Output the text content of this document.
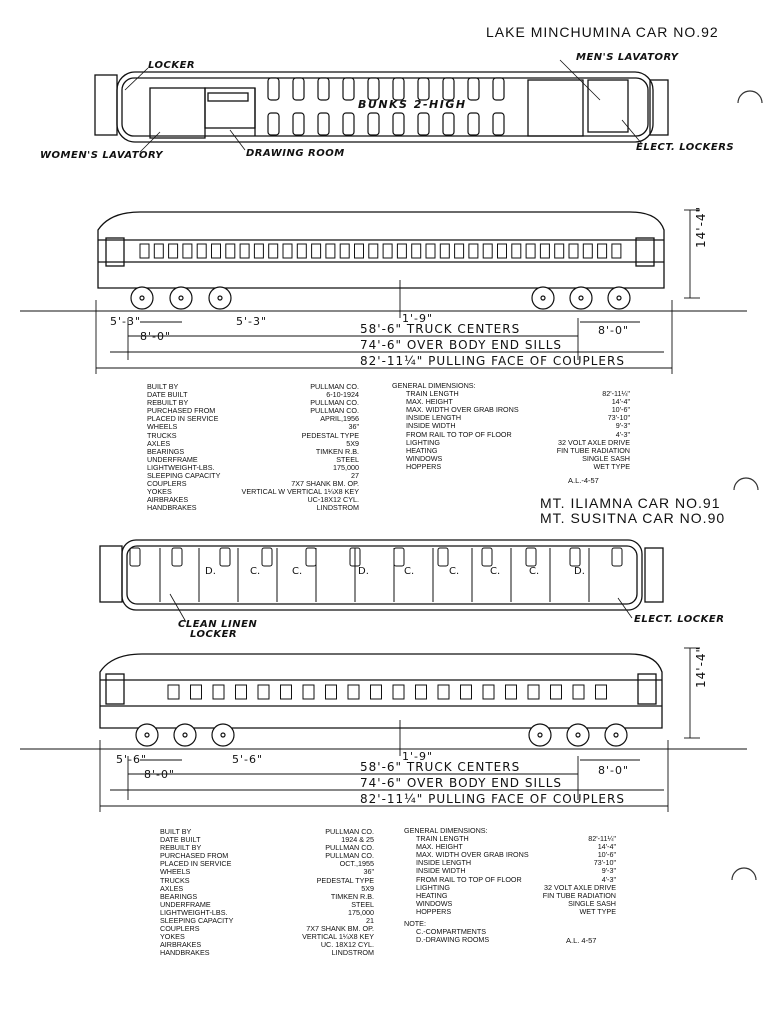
LAKE MINCHUMINA CAR NO.92
LOCKER
MEN'S LAVATORY
BUNKS 2-HIGH
WOMEN'S LAVATORY	DRAWING ROOM
ELECT. LOCKERS
14'-4"
5'-3"	5'-3"
8'-0"	8'-0"
1'-9"
58'-6" TRUCK CENTERS
74'-6" OVER BODY END SILLS
82'-11¼" PULLING FACE OF COUPLERS
BUILT BY	PULLMAN CO.
DATE BUILT	6-10-1924
REBUILT BY	PULLMAN CO.
PURCHASED FROM	PULLMAN CO.
PLACED IN SERVICE	APRIL,1956
WHEELS	36"
TRUCKS	PEDESTAL TYPE
AXLES	5X9
BEARINGS	TIMKEN R.B.
UNDERFRAME	STEEL
LIGHTWEIGHT-LBS.	175,000
SLEEPING CAPACITY	27
COUPLERS	7X7 SHANK BM. OP.
YOKES	VERTICAL W VERTICAL 1¼X8 KEY
AIRBRAKES	UC-18X12 CYL.
HANDBRAKES	LINDSTROM
GENERAL DIMENSIONS:
TRAIN LENGTH	82'-11¼"
MAX. HEIGHT	14'-4"
MAX. WIDTH OVER GRAB IRONS	10'-6"
INSIDE LENGTH	73'-10"
INSIDE WIDTH	9'-3"
FROM RAIL TO TOP OF FLOOR	4'-3"
LIGHTING	32 VOLT AXLE DRIVE
HEATING	FIN TUBE RADIATION
WINDOWS	SINGLE SASH
HOPPERS	WET TYPE
A.L.-4-57
MT. ILIAMNA CAR NO.91
MT. SUSITNA CAR NO.90
CLEAN LINEN
LOCKER
ELECT. LOCKER
D.	C.	C.	D.	C.	C.	C.	C.	D.
14'-4"
5'-6"	5'-6"
8'-0"	8'-0"
1'-9"
58'-6" TRUCK CENTERS
74'-6" OVER BODY END SILLS
82'-11¼" PULLING FACE OF COUPLERS
BUILT BY	PULLMAN CO.
DATE BUILT	1924 & 25
REBUILT BY	PULLMAN CO.
PURCHASED FROM	PULLMAN CO.
PLACED IN SERVICE	OCT.,1955
WHEELS	36"
TRUCKS	PEDESTAL TYPE
AXLES	5X9
BEARINGS	TIMKEN R.B.
UNDERFRAME	STEEL
LIGHTWEIGHT-LBS.	175,000
SLEEPING CAPACITY	21
COUPLERS	7X7 SHANK BM. OP.
YOKES	VERTICAL 1¼X8 KEY
AIRBRAKES	UC. 18X12 CYL.
HANDBRAKES	LINDSTROM
GENERAL DIMENSIONS:
TRAIN LENGTH	82'-11¼"
MAX. HEIGHT	14'-4"
MAX. WIDTH OVER GRAB IRONS	10'-6"
INSIDE LENGTH	73'-10"
INSIDE WIDTH	9'-3"
FROM RAIL TO TOP OF FLOOR	4'-3"
LIGHTING	32 VOLT AXLE DRIVE
HEATING	FIN TUBE RADIATION
WINDOWS	SINGLE SASH
HOPPERS	WET TYPE
NOTE:
C.-COMPARTMENTS
D.-DRAWING ROOMS	A.L. 4-57
